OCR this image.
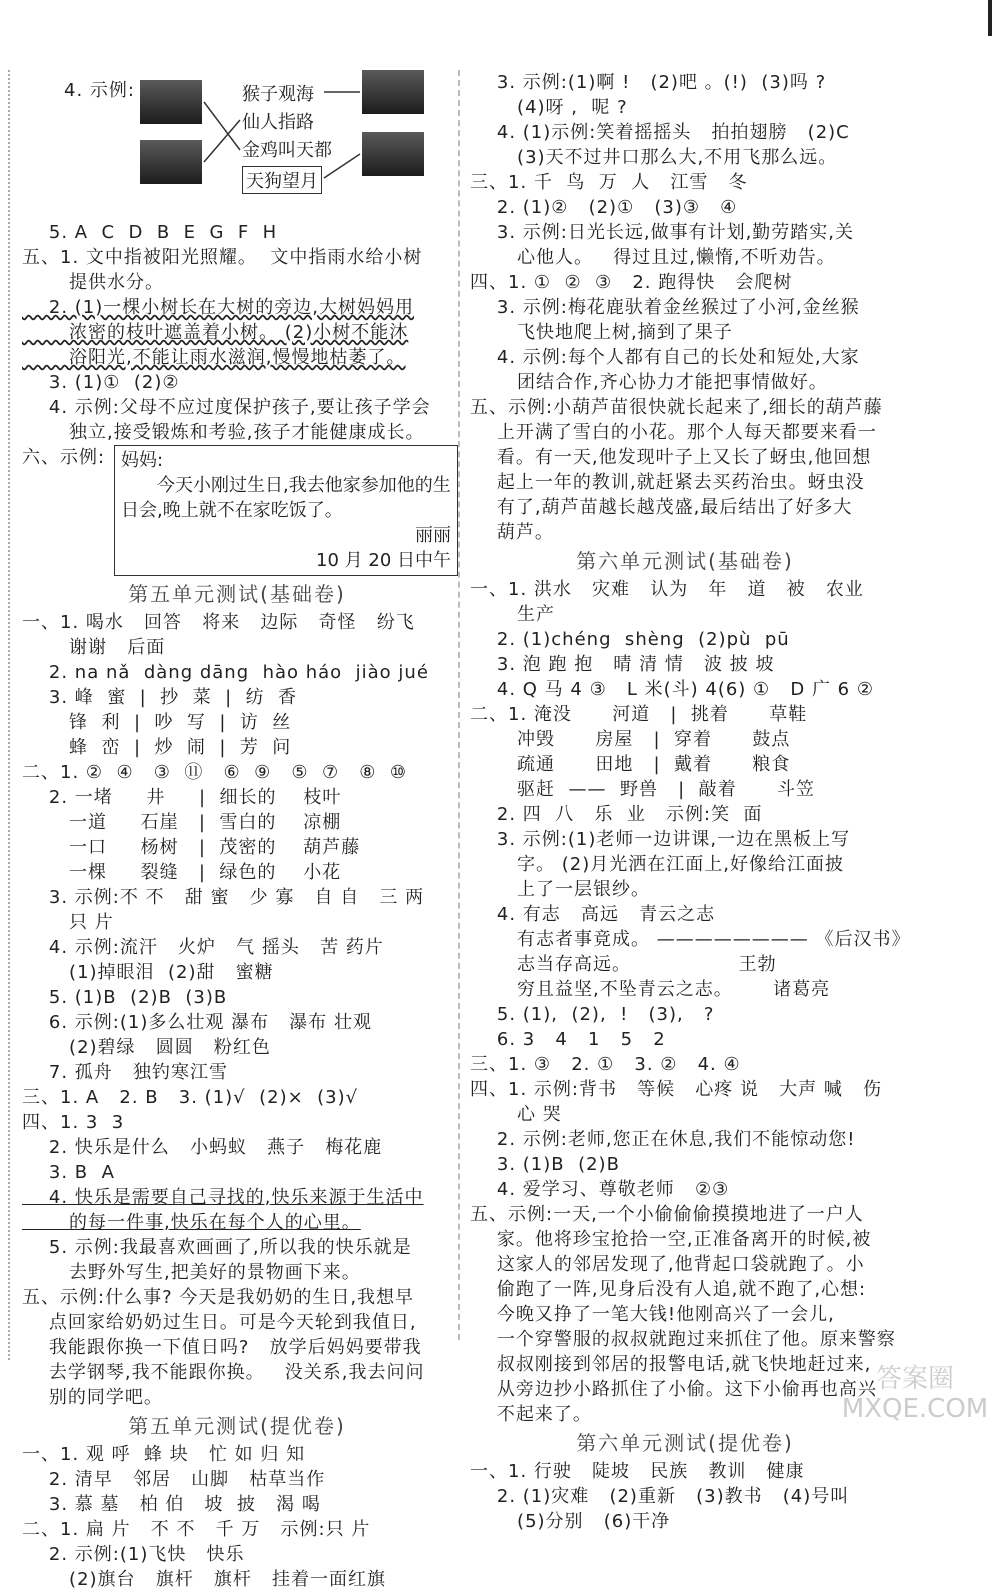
4. 示例:	猴子观海
仙人指路
金鸡叫天都
天狗望月
5. A  C  D  B  E  G  F  H
五、1. 文中指被阳光照耀。  文中指雨水给小树
提供水分。
2. (1)一棵小树长在大树的旁边,大树妈妈用
浓密的枝叶遮盖着小树。 (2)小树不能沐
浴阳光,不能让雨水滋润,慢慢地枯萎了。
3. (1)①  (2)②
4. 示例:父母不应过度保护孩子,要让孩子学会
独立,接受锻炼和考验,孩子才能健康成长。
六、示例: 妈妈:
今天小刚过生日,我去他家参加他的生日会,晚上就不在家吃饭了。
丽丽
10 月 20 日中午
第五单元测试(基础卷)
一、1. 喝水   回答   将来   边际   奇怪   纷飞
谢谢   后面
2. na nǎ  dàng dāng  hào háo  jiào jué
3. 峰  蜜  |  抄  菜  |  纺  香
锋  利  |  吵  写  |  访  丝
蜂  峦  |  炒  闹  |  芳  问
二、1. ②  ④   ③  ⑪   ⑥  ⑨   ⑤  ⑦   ⑧  ⑩
2. 一堵     井     |  细长的    枝叶
一道     石崖   |  雪白的    凉棚
一口     杨树   |  茂密的    葫芦藤
一棵     裂缝   |  绿色的    小花
3. 示例:不 不   甜 蜜   少 寡   自 自   三 两
只 片
4. 示例:流汗   火炉   气 摇头   苦 药片
(1)掉眼泪  (2)甜   蜜糖
5. (1)B  (2)B  (3)B
6. 示例:(1)多么壮观 瀑布   瀑布 壮观
(2)碧绿   圆圆   粉红色
7. 孤舟   独钓寒江雪
三、1. A   2. B   3. (1)√  (2)×  (3)√
四、1. 3  3
2. 快乐是什么   小蚂蚁   燕子   梅花鹿
3. B  A
4. 快乐是需要自己寻找的,快乐来源于生活中
的每一件事,快乐在每个人的心里。
5. 示例:我最喜欢画画了,所以我的快乐就是
去野外写生,把美好的景物画下来。
五、示例:什么事? 今天是我奶奶的生日,我想早
点回家给奶奶过生日。可是今天轮到我值日,
我能跟你换一下值日吗?   放学后妈妈要带我
去学钢琴,我不能跟你换。   没关系,我去问问
别的同学吧。
第五单元测试(提优卷)
一、1. 观 呼  蜂 块   忙 如 归 知
2. 清早   邻居   山脚   枯草当作
3. 慕 墓   柏 伯   坡  披   渴 喝
二、1. 扁 片   不 不   千 万   示例:只 片
2. 示例:(1)飞快   快乐
(2)旗台   旗杆   旗杆   挂着一面红旗
3. 示例:(1)啊 !   (2)吧 。(!)  (3)吗 ?
(4)呀 ,  呢 ?
4. (1)示例:笑着摇摇头   拍拍翅膀   (2)C
(3)天不过井口那么大,不用飞那么远。
三、1. 千  鸟  万  人   江雪   冬
2. (1)②   (2)①   (3)③   ④
3. 示例:日光长远,做事有计划,勤劳踏实,关
心他人。   得过且过,懒惰,不听劝告。
四、1. ①  ②  ③   2. 跑得快   会爬树
3. 示例:梅花鹿驮着金丝猴过了小河,金丝猴
飞快地爬上树,摘到了果子
4. 示例:每个人都有自己的长处和短处,大家
团结合作,齐心协力才能把事情做好。
五、示例:小葫芦苗很快就长起来了,细长的葫芦藤
上开满了雪白的小花。那个人每天都要来看一
看。有一天,他发现叶子上又长了蚜虫,他回想
起上一年的教训,就赶紧去买药治虫。蚜虫没
有了,葫芦苗越长越茂盛,最后结出了好多大
葫芦。
第六单元测试(基础卷)
一、1. 洪水   灾难   认为   年   道   被   农业
生产
2. (1)chéng  shèng  (2)pù  pū
3. 泡 跑 抱   晴 清 情   波 披 坡
4. Q 马 4 ③   L 米(斗) 4(6) ①   D 广 6 ②
二、1. 淹没      河道   |  挑着      草鞋
冲毁      房屋   |  穿着      鼓点
疏通      田地   |  戴着      粮食
驱赶  ——  野兽   |  敲着      斗笠
2. 四  八   乐  业   示例:笑  面
3. 示例:(1)老师一边讲课,一边在黑板上写
字。 (2)月光洒在江面上,好像给江面披
上了一层银纱。
4. 有志   高远   青云之志
有志者事竟成。 ———————— 《后汉书》
志当存高远。                王勃
穷且益坚,不坠青云之志。      诸葛亮
5. (1),  (2),  !   (3),   ?
6. 3   4   1   5   2
三、1. ③   2. ①   3. ②   4. ④
四、1. 示例:背书   等候   心疼 说   大声 喊   伤
心 哭
2. 示例:老师,您正在休息,我们不能惊动您!
3. (1)B  (2)B
4. 爱学习、尊敬老师   ②③
五、示例:一天,一个小偷偷偷摸摸地进了一户人
家。他将珍宝抢拾一空,正准备离开的时候,被
这家人的邻居发现了,他背起口袋就跑了。小
偷跑了一阵,见身后没有人追,就不跑了,心想:
今晚又挣了一笔大钱!他刚高兴了一会儿,
一个穿警服的叔叔就跑过来抓住了他。原来警察
叔叔刚接到邻居的报警电话,就飞快地赶过来,
从旁边抄小路抓住了小偷。这下小偷再也高兴
不起来了。
第六单元测试(提优卷)
一、1. 行驶   陡坡   民族   教训   健康
2. (1)灾难   (2)重新   (3)教书   (4)号叫
(5)分别   (6)干净
答案圈 MXQE.COM
